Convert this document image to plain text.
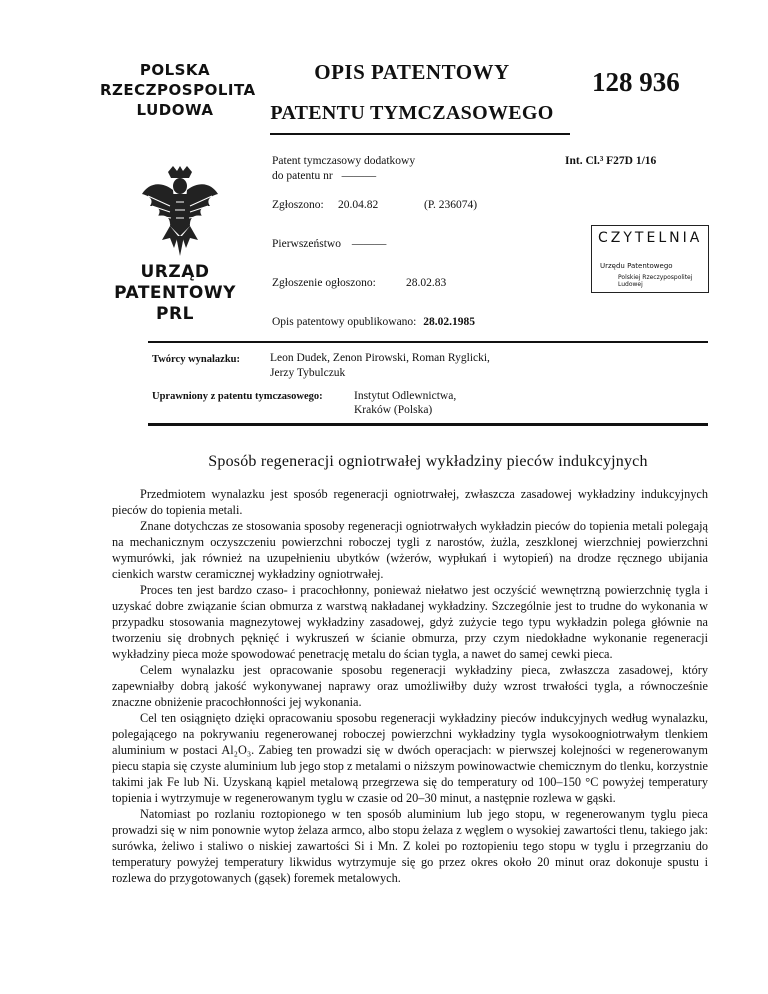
POLSKA
RZECZPOSPOLITA
LUDOWA
OPIS PATENTOWY
PATENTU TYMCZASOWEGO
128 936
Patent tymczasowy dodatkowy
do patentu nr ———
Int. Cl.³ F27D 1/16
Zgłoszono: 20.04.82	(P. 236074)
Pierwszeństwo ———
Zgłoszenie ogłoszono:	28.02.83
Opis patentowy opublikowano: 28.02.1985
URZĄD
PATENTOWY
PRL
CZYTELNIA
Urzędu Patentowego
Polskiej Rzeczypospolitej Ludowej
Twórcy wynalazku:	Leon Dudek, Zenon Pirowski, Roman Ryglicki,
Jerzy Tybulczuk
Uprawniony z patentu tymczasowego:	Instytut Odlewnictwa,
Kraków (Polska)
Sposób regeneracji ogniotrwałej wykładziny pieców indukcyjnych

Przedmiotem wynalazku jest sposób regeneracji ogniotrwałej, zwłaszcza zasadowej wykładziny indukcyjnych pieców do topienia metali.

Znane dotychczas ze stosowania sposoby regeneracji ogniotrwałych wykładzin pieców do topienia metali polegają na mechanicznym oczyszczeniu powierzchni roboczej tygli z narostów, żużla, zeszklonej wierzchniej powierzchni wymurówki, jak również na uzupełnieniu ubytków (wżerów, wypłukań i wytopień) na drodze ręcznego ubijania cienkich warstw ceramicznej wykładziny ogniotrwałej.

Proces ten jest bardzo czaso- i pracochłonny, ponieważ niełatwo jest oczyścić wewnętrzną powierzchnię tygla i uzyskać dobre związanie ścian obmurza z warstwą nakładanej wykładziny. Szczególnie jest to trudne do wykonania w przypadku stosowania magnezytowej wykładziny zasadowej, gdyż zużycie tego typu wykładzin polega głównie na tworzeniu się drobnych pęknięć i wykruszeń w ścianie obmurza, przy czym niedokładne wykonanie regeneracji wykładziny pieca może spowodować penetrację metalu do ścian tygla, a nawet do samej cewki pieca.

Celem wynalazku jest opracowanie sposobu regeneracji wykładziny pieca, zwłaszcza zasadowej, który zapewniałby dobrą jakość wykonywanej naprawy oraz umożliwiłby duży wzrost trwałości tygla, a równocześnie znaczne obniżenie pracochłonności jej wykonania.

Cel ten osiągnięto dzięki opracowaniu sposobu regeneracji wykładziny pieców indukcyjnych według wynalazku, polegającego na pokrywaniu regenerowanej roboczej powierzchni wykładziny tygla wysokoogniotrwałym tlenkiem aluminium w postaci Al₂O₃. Zabieg ten prowadzi się w dwóch operacjach: w pierwszej kolejności w regenerowanym piecu stapia się czyste aluminium lub jego stop z metalami o niższym powinowactwie chemicznym do tlenku, korzystnie takimi jak Fe lub Ni. Uzyskaną kąpiel metalową przegrzewa się do temperatury od 100–150 °C powyżej temperatury topienia i wytrzymuje w regenerowanym tyglu w czasie od 20–30 minut, a następnie rozlewa w gąski.

Natomiast po rozlaniu roztopionego w ten sposób aluminium lub jego stopu, w regenerowanym tyglu pieca prowadzi się w nim ponownie wytop żelaza armco, albo stopu żelaza z węglem o wysokiej zawartości tlenu, takiego jak: surówka, żeliwo i staliwo o niskiej zawartości Si i Mn. Z kolei po roztopieniu tego stopu w tyglu i przegrzaniu do temperatury powyżej temperatury likwidus wytrzymuje się go przez okres około 20 minut oraz dokonuje spustu i rozlewa do przygotowanych (gąsek) foremek metalowych.
